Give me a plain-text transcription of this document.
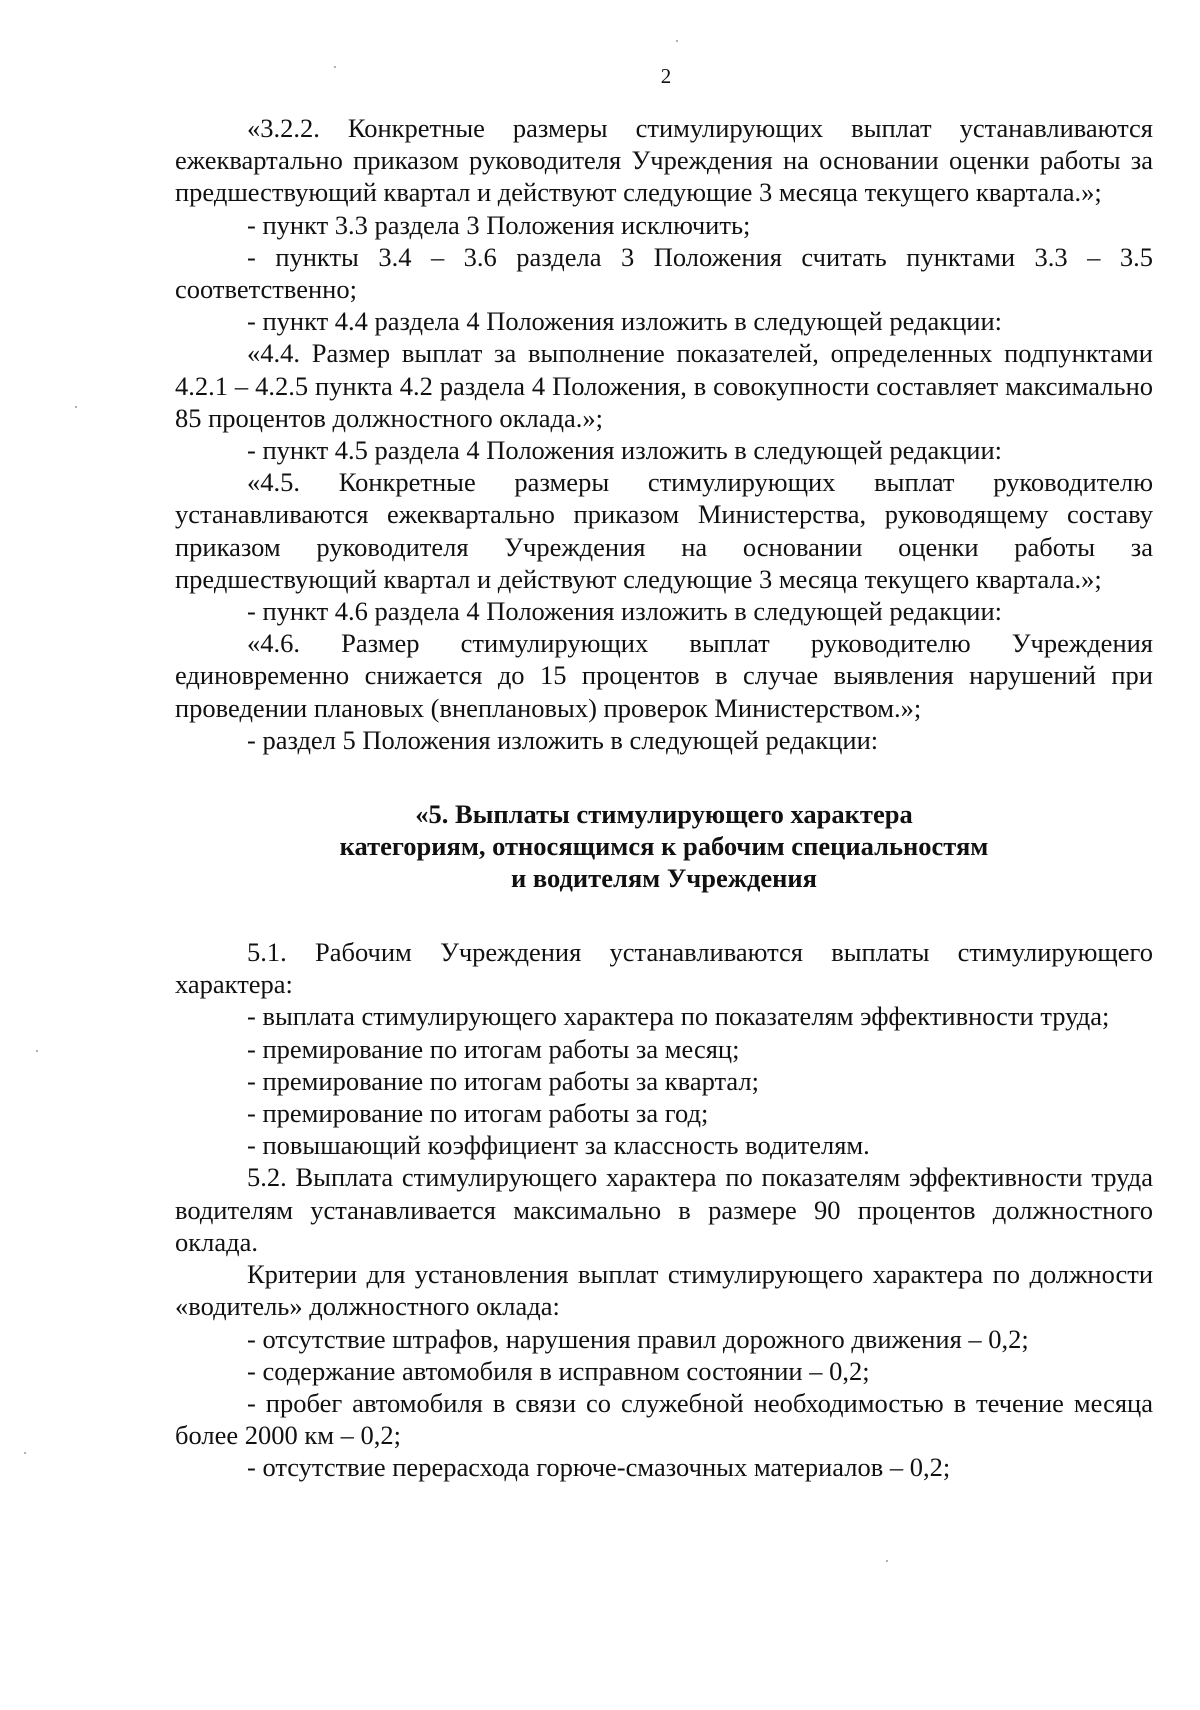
2

«3.2.2. Конкретные размеры стимулирующих выплат устанавливаются ежеквартально приказом руководителя Учреждения на основании оценки работы за предшествующий квартал и действуют следующие 3 месяца текущего квартала.»;

- пункт 3.3 раздела 3 Положения исключить;

- пункты 3.4 – 3.6 раздела 3 Положения считать пунктами 3.3 – 3.5 соответственно;

- пункт 4.4 раздела 4 Положения изложить в следующей редакции:

«4.4. Размер выплат за выполнение показателей, определенных подпунктами 4.2.1 – 4.2.5 пункта 4.2 раздела 4 Положения, в совокупности составляет максимально 85 процентов должностного оклада.»;

- пункт 4.5 раздела 4 Положения изложить в следующей редакции:

«4.5. Конкретные размеры стимулирующих выплат руководителю устанавливаются ежеквартально приказом Министерства, руководящему составу приказом руководителя Учреждения на основании оценки работы за предшествующий квартал и действуют следующие 3 месяца текущего квартала.»;

- пункт 4.6 раздела 4 Положения изложить в следующей редакции:

«4.6. Размер стимулирующих выплат руководителю Учреждения единовременно снижается до 15 процентов в случае выявления нарушений при проведении плановых (внеплановых) проверок Министерством.»;

- раздел 5 Положения изложить в следующей редакции:

«5. Выплаты стимулирующего характера

категориям, относящимся к рабочим специальностям

и водителям Учреждения

5.1. Рабочим Учреждения устанавливаются выплаты стимулирующего характера:

- выплата стимулирующего характера по показателям эффективности труда;

- премирование по итогам работы за месяц;

- премирование по итогам работы за квартал;

- премирование по итогам работы за год;

- повышающий коэффициент за классность водителям.

5.2. Выплата стимулирующего характера по показателям эффективности труда водителям устанавливается максимально в размере 90 процентов должностного оклада.

Критерии для установления выплат стимулирующего характера по должности «водитель» должностного оклада:

- отсутствие штрафов, нарушения правил дорожного движения – 0,2;

- содержание автомобиля в исправном состоянии – 0,2;

- пробег автомобиля в связи со служебной необходимостью в течение месяца более 2000 км – 0,2;

- отсутствие перерасхода горюче-смазочных материалов – 0,2;
